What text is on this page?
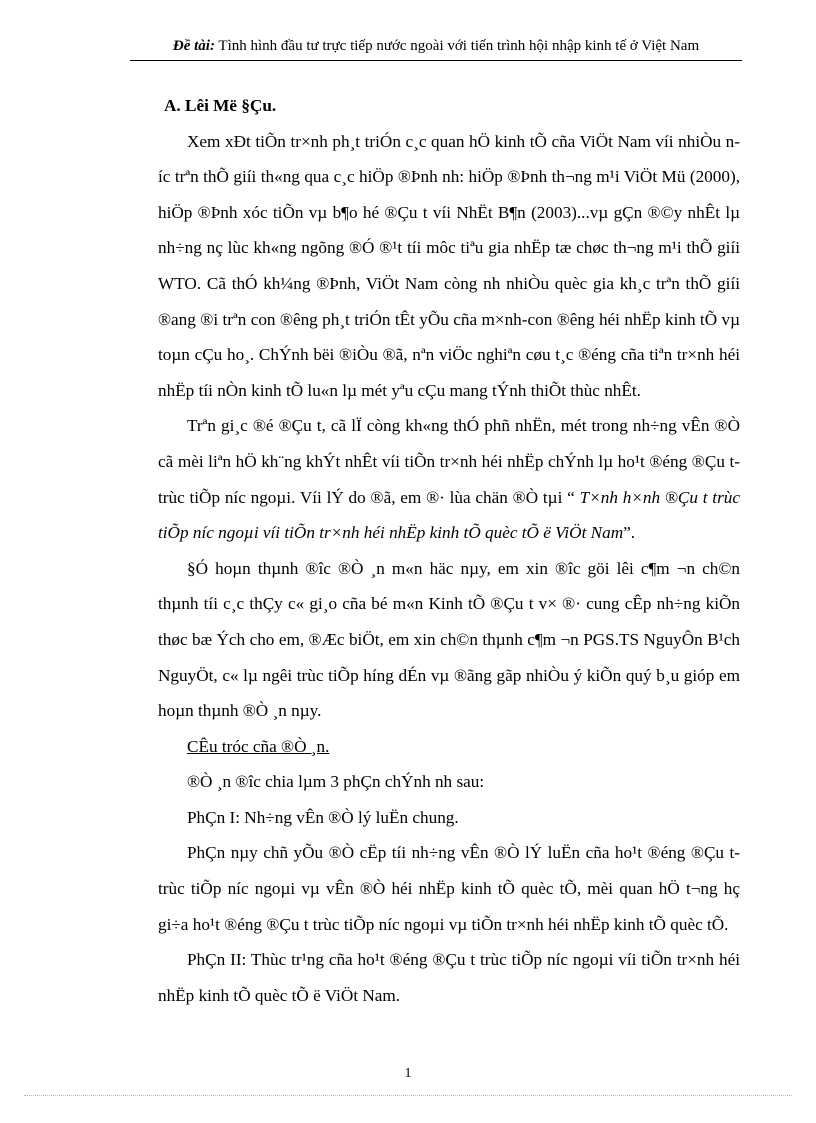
Đề tài: Tình hình đầu tư trực tiếp nước ngoài với tiến trình hội nhập kinh tế ở Việt Nam

A. Lêi Më §Çu.

Xem xÐt tiÕn tr×nh ph¸t triÓn c¸c quan hÖ kinh tÕ cña ViÖt Nam víi nhiÒu níc trªn thÕ giíi th«ng qua c¸c hiÖp ®Þnh nh: hiÖp ®Þnh th¬ng m¹i ViÖt Mü (2000), hiÖp ®Þnh xóc tiÕn vµ b¶o hé ®Çu t víi NhËt B¶n (2003)...vµ gÇn ®©y nhÊt lµ nh÷ng nç lùc kh«ng ngõng ®Ó ®¹t tíi môc tiªu gia nhËp tæ chøc th¬ng m¹i thÕ giíi WTO. Cã thÓ kh¼ng ®Þnh, ViÖt Nam còng nh nhiÒu quèc gia kh¸c trªn thÕ giíi ®ang ®i trªn con ®êng ph¸t triÓn tÊt yÕu cña m×nh-con ®êng héi nhËp kinh tÕ vµ toµn cÇu ho¸. ChÝnh bëi ®iÒu ®ã, nªn viÖc nghiªn cøu t¸c ®éng cña tiªn tr×nh héi nhËp tíi nÒn kinh tÕ lu«n lµ mét yªu cÇu mang tÝnh thiÕt thùc nhÊt.

Trªn gi¸c ®é ®Çu t, cã lÏ còng kh«ng thÓ phñ nhËn, mét trong nh÷ng vÊn ®Ò cã mèi liªn hÖ kh¨ng khÝt nhÊt víi tiÕn tr×nh héi nhËp chÝnh lµ ho¹t ®éng ®Çu t trùc tiÕp níc ngoµi. Víi lÝ do ®ã, em ®· lùa chän ®Ò tµi “ T×nh h×nh ®Çu t trùc tiÕp níc ngoµi víi tiÕn tr×nh héi nhËp kinh tÕ quèc tÕ ë ViÖt Nam”.

§Ó hoµn thµnh ®îc ®Ò ¸n m«n häc nµy, em xin ®îc göi lêi c¶m ¬n ch©n thµnh tíi c¸c thÇy c« gi¸o cña bé m«n Kinh tÕ ®Çu t v× ®· cung cÊp nh÷ng kiÕn thøc bæ Ých cho em, ®Æc biÖt, em xin ch©n thµnh c¶m ¬n PGS.TS NguyÔn B¹ch NguyÖt, c« lµ ngêi trùc tiÕp híng dÉn vµ ®ãng gãp nhiÒu ý kiÕn quý b¸u gióp em hoµn thµnh ®Ò ¸n nµy.

CÊu tróc cña ®Ò ¸n.

®Ò ¸n ®îc chia lµm 3 phÇn chÝnh nh sau:

PhÇn I: Nh÷ng vÊn ®Ò lý luËn chung.

PhÇn nµy chñ yÕu ®Ò cËp tíi nh÷ng vÊn ®Ò lÝ luËn cña ho¹t ®éng ®Çu t trùc tiÕp níc ngoµi vµ vÊn ®Ò héi nhËp kinh tÕ quèc tÕ, mèi quan hÖ t¬ng hç gi÷a ho¹t ®éng ®Çu t trùc tiÕp níc ngoµi vµ tiÕn tr×nh héi nhËp kinh tÕ quèc tÕ.

PhÇn II: Thùc tr¹ng cña ho¹t ®éng ®Çu t trùc tiÕp níc ngoµi víi tiÕn tr×nh héi nhËp kinh tÕ quèc tÕ ë ViÖt Nam.

1
